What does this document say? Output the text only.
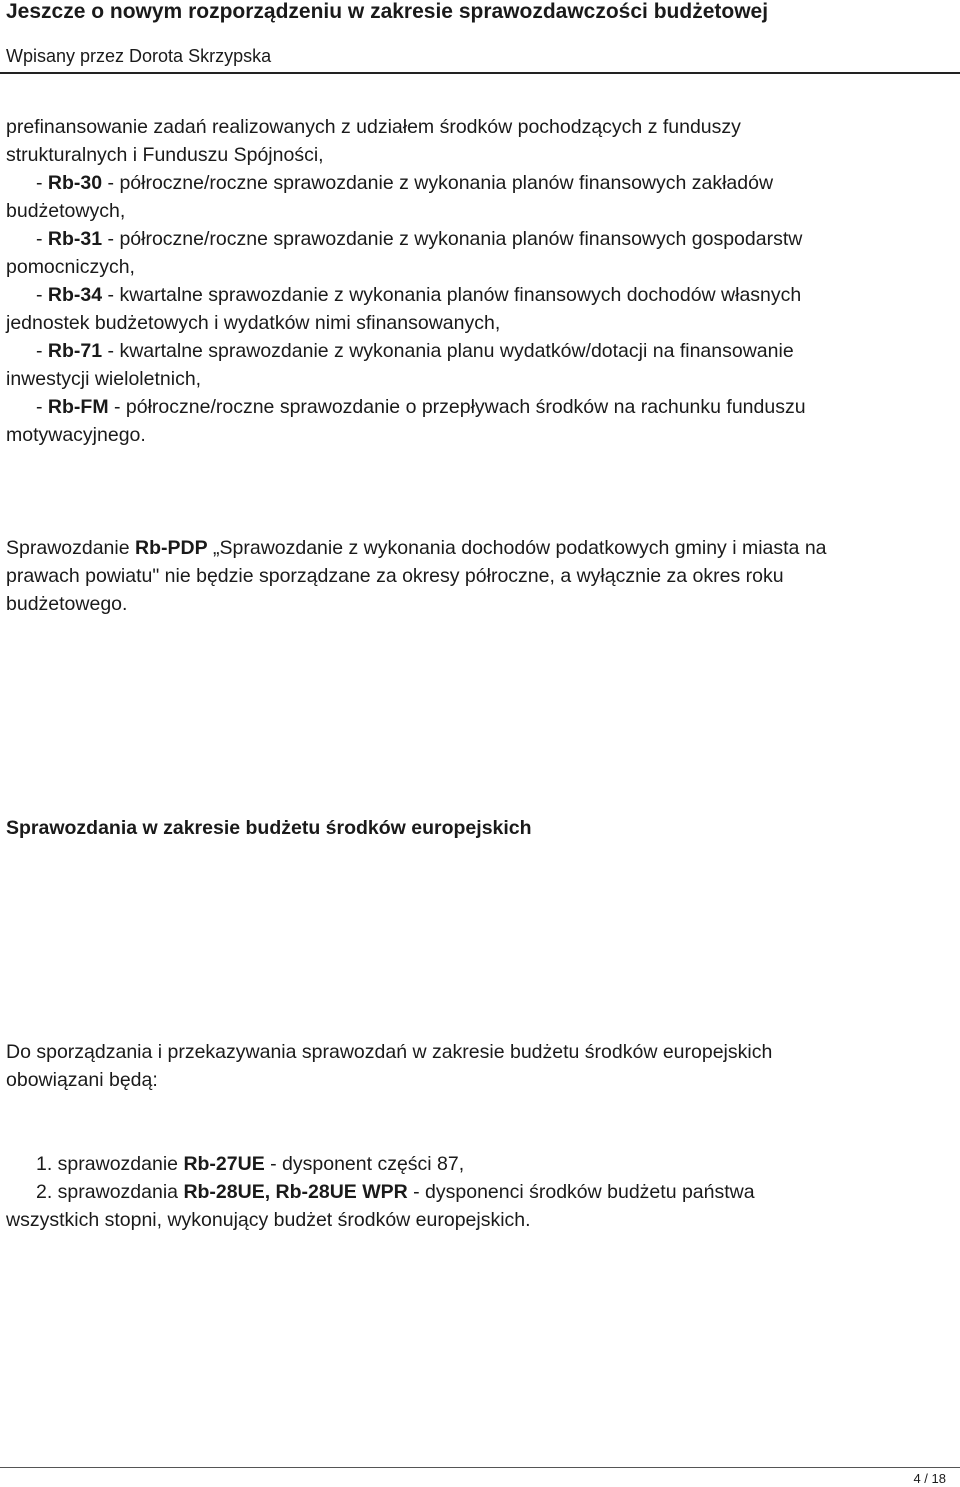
Jeszcze o nowym rozporządzeniu w zakresie sprawozdawczości budżetowej
Wpisany przez Dorota Skrzypska
prefinansowanie zadań realizowanych z udziałem środków pochodzących z funduszy
strukturalnych i Funduszu Spójności,
- Rb-30 - półroczne/roczne sprawozdanie z wykonania planów finansowych zakładów
budżetowych,
- Rb-31 - półroczne/roczne sprawozdanie z wykonania planów finansowych gospodarstw
pomocniczych,
- Rb-34 - kwartalne sprawozdanie z wykonania planów finansowych dochodów własnych
jednostek budżetowych i wydatków nimi sfinansowanych,
- Rb-71 - kwartalne sprawozdanie z wykonania planu wydatków/dotacji na finansowanie
inwestycji wieloletnich,
- Rb-FM - półroczne/roczne sprawozdanie o przepływach środków na rachunku funduszu
motywacyjnego.
Sprawozdanie Rb-PDP „Sprawozdanie z wykonania dochodów podatkowych gminy i miasta na
prawach powiatu" nie będzie sporządzane za okresy półroczne, a wyłącznie za okres roku
budżetowego.
Sprawozdania w zakresie budżetu środków europejskich
Do sporządzania i przekazywania sprawozdań w zakresie budżetu środków europejskich
obowiązani będą:
1. sprawozdanie Rb-27UE - dysponent części 87,
2. sprawozdania Rb-28UE, Rb-28UE WPR - dysponenci środków budżetu państwa
wszystkich stopni, wykonujący budżet środków europejskich.
4 / 18
